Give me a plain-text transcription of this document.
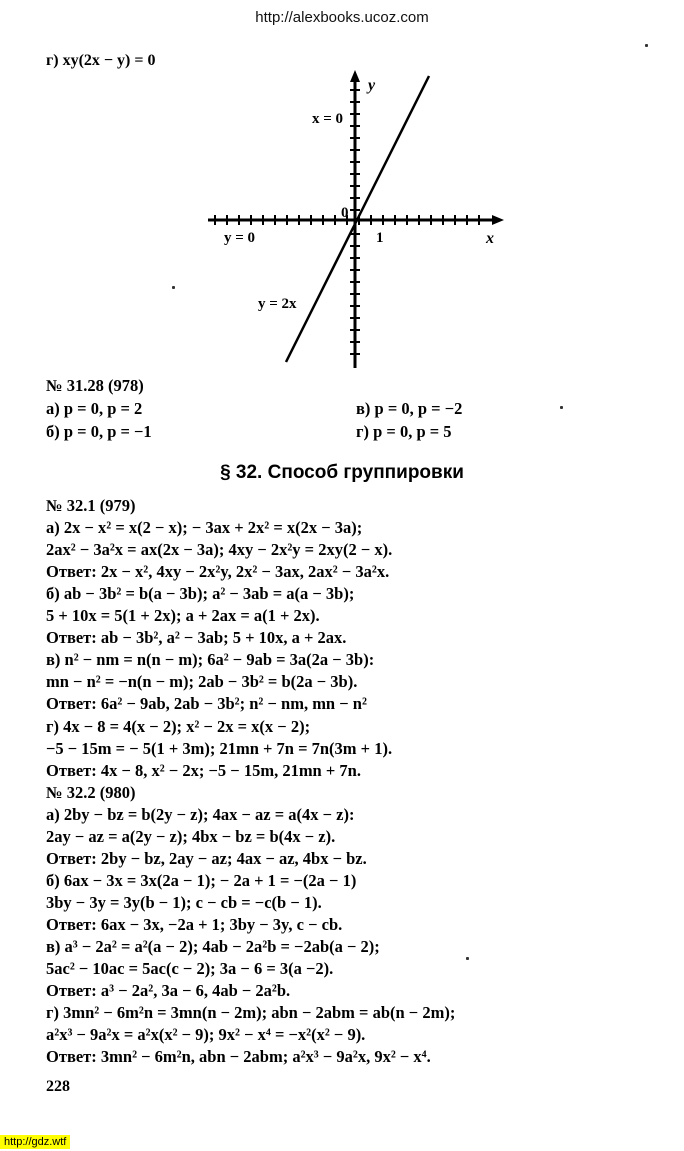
http://alexbooks.ucoz.com
г) xy(2x − y) = 0
y
x
x = 0
0
1
y = 0
y = 2x
№ 31.28 (978)
а) p = 0, p = 2
б) p = 0, p = −1
в) p = 0, p = −2
г) p = 0, p = 5
§ 32. Способ группировки
№ 32.1 (979)
а) 2x − x² = x(2 − x); − 3ax + 2x² = x(2x − 3a);
2ax² − 3a²x = ax(2x − 3a); 4xy − 2x²y = 2xy(2 − x).
Ответ: 2x − x², 4xy − 2x²y, 2x² − 3ax, 2ax² − 3a²x.
б) ab − 3b² = b(a − 3b); a² − 3ab = a(a − 3b);
5 + 10x = 5(1 + 2x); a + 2ax = a(1 + 2x).
Ответ: ab − 3b², a² − 3ab; 5 + 10x, a + 2ax.
в) n² − nm = n(n − m); 6a² − 9ab = 3a(2a − 3b):
mn − n² = −n(n − m); 2ab − 3b² = b(2a − 3b).
Ответ: 6a² − 9ab, 2ab − 3b²; n² − nm, mn − n²
г) 4x − 8 = 4(x − 2); x² − 2x = x(x − 2);
−5 − 15m = − 5(1 + 3m); 21mn + 7n = 7n(3m + 1).
Ответ: 4x − 8, x² − 2x; −5 − 15m, 21mn + 7n.
№ 32.2 (980)
а) 2by − bz = b(2y − z); 4ax − az = a(4x − z):
2ay − az = a(2y − z); 4bx − bz = b(4x − z).
Ответ: 2by − bz, 2ay − az; 4ax − az, 4bx − bz.
б) 6ax − 3x = 3x(2a − 1); − 2a + 1 = −(2a − 1)
3by − 3y = 3y(b − 1); c − cb = −c(b − 1).
Ответ: 6ax − 3x, −2a + 1; 3by − 3y, c − cb.
в) a³ − 2a² = a²(a − 2); 4ab − 2a²b = −2ab(a − 2);
5ac² − 10ac = 5ac(c − 2); 3a − 6 = 3(a −2).
Ответ: a³ − 2a², 3a − 6, 4ab − 2a²b.
г) 3mn² − 6m²n = 3mn(n − 2m); abn − 2abm = ab(n − 2m);
a²x³ − 9a²x = a²x(x² − 9); 9x² − x⁴ = −x²(x² − 9).
Ответ: 3mn² − 6m²n, abn − 2abm; a²x³ − 9a²x, 9x² − x⁴.
228
http://gdz.wtf
